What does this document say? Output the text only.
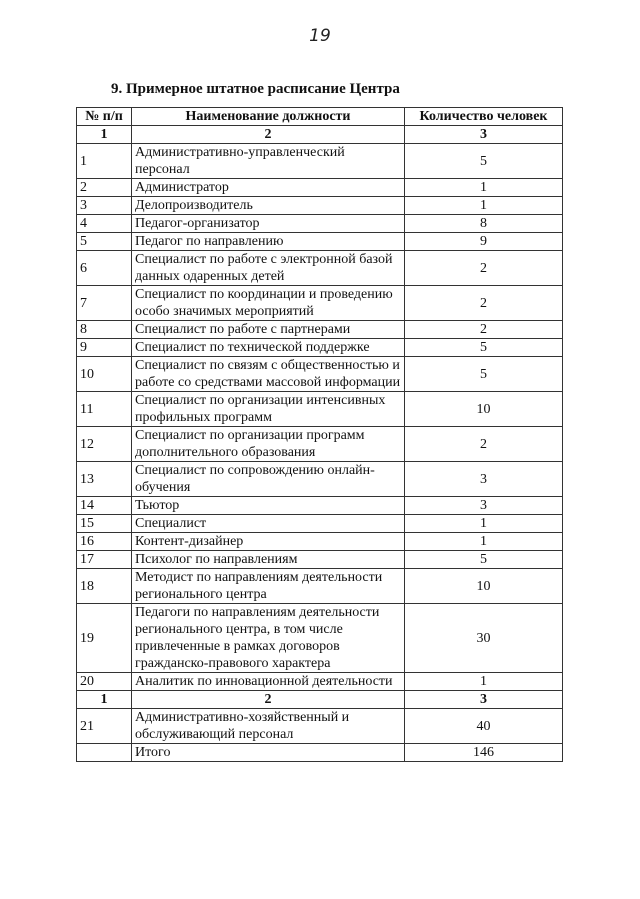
19
9. Примерное штатное расписание Центра
№ п/п	Наименование должности	Количество человек
1	2	3
1	Административно-управленческий персонал	5
2	Администратор	1
3	Делопроизводитель	1
4	Педагог-организатор	8
5	Педагог по направлению	9
6	Специалист по работе с электронной базой данных одаренных детей	2
7	Специалист по координации и проведению особо значимых мероприятий	2
8	Специалист по работе с партнерами	2
9	Специалист по технической поддержке	5
10	Специалист по связям с общественностью и работе со средствами массовой информации	5
11	Специалист по организации интенсивных профильных программ	10
12	Специалист по организации программ дополнительного образования	2
13	Специалист по сопровождению онлайн-обучения	3
14	Тьютор	3
15	Специалист	1
16	Контент-дизайнер	1
17	Психолог по направлениям	5
18	Методист по направлениям деятельности регионального центра	10
19	Педагоги по направлениям деятельности регионального центра, в том числе привлеченные в рамках договоров гражданско-правового характера	30
20	Аналитик по инновационной деятельности	1
1	2	3
21	Административно-хозяйственный и обслуживающий персонал	40
	Итого	146
